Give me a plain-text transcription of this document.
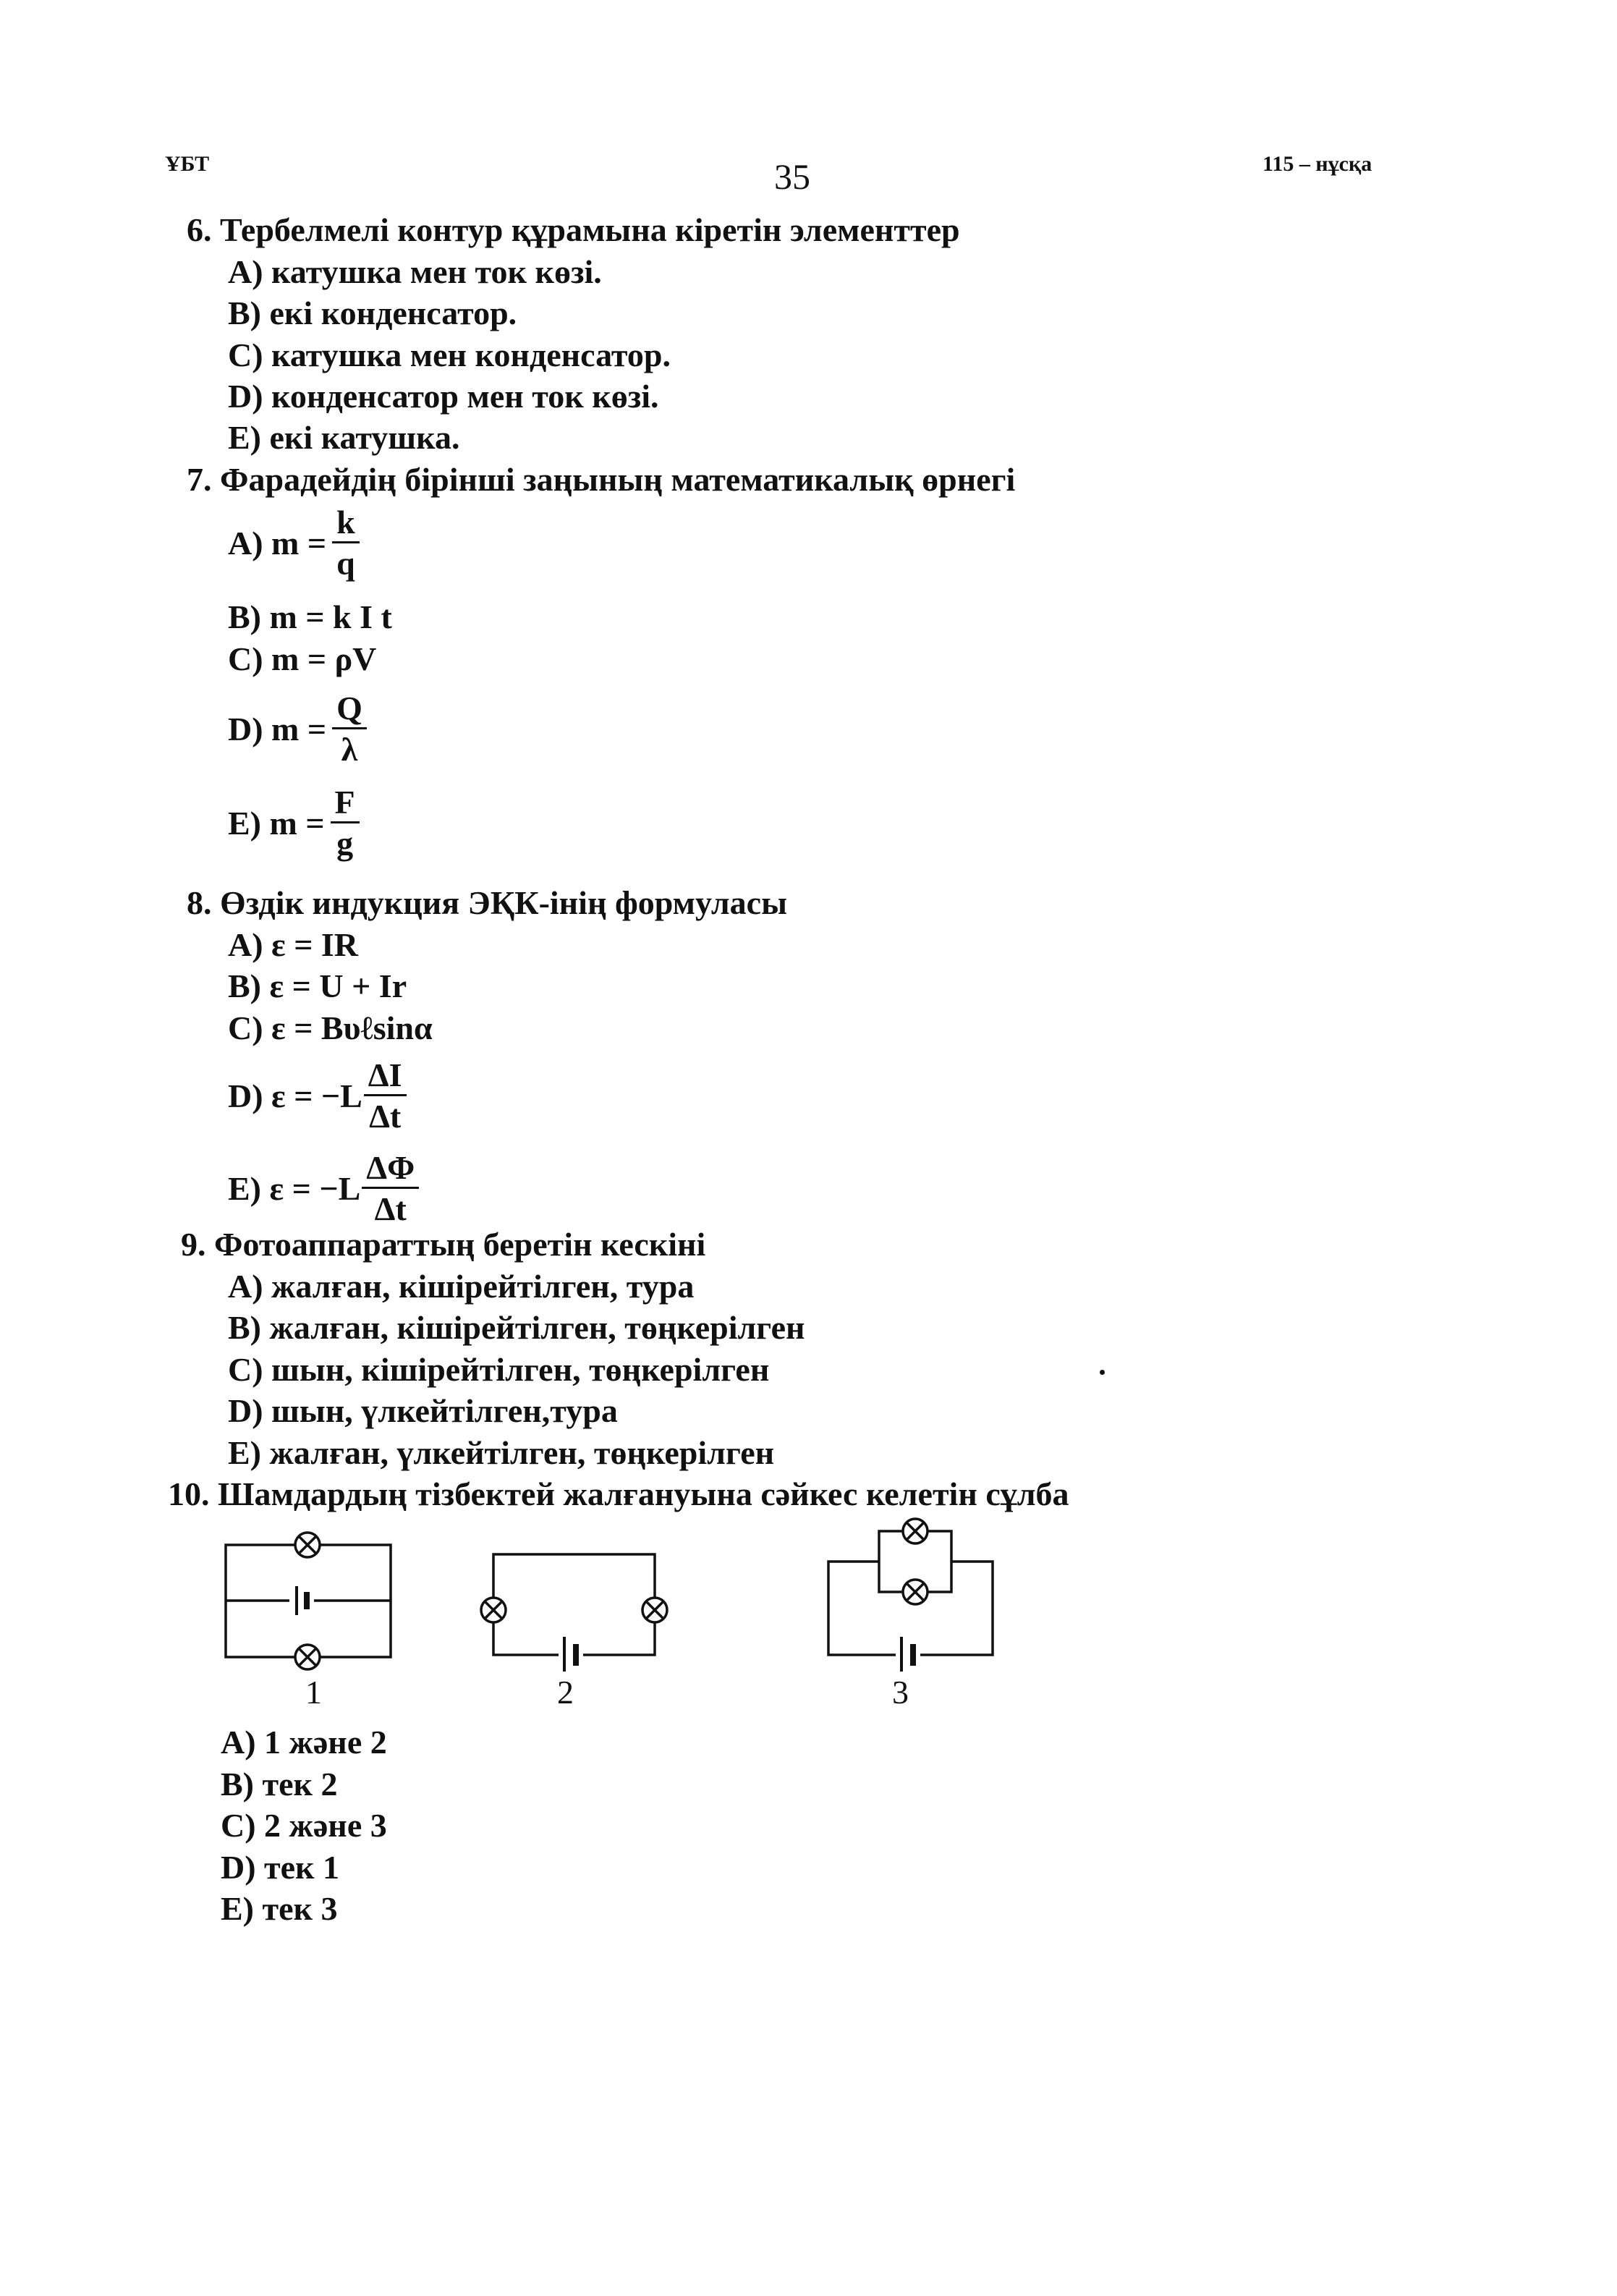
ҰБТ	35	115 – нұсқа
6. Тербелмелі контур құрамына кіретін элементтер
A) катушка мен ток көзі.
B) екі конденсатор.
C) катушка мен конденсатор.
D) конденсатор мен ток көзі.
E) екі катушка.
7. Фарадейдің бірінші заңының математикалық өрнегі
A) $m = \frac{k}{q}$
B) m = k I t
C) m = ρV
D) $m = \frac{Q}{\lambda}$
E) $m = \frac{F}{g}$
8. Өздік индукция ЭҚК-інің формуласы
A) ε = IR
B) ε = U + Ir
C) ε = Bυℓsinα
D) $\varepsilon = -L \frac{\Delta I}{\Delta t}$
E) $\varepsilon = -L \frac{\Delta\Phi}{\Delta t}$
9. Фотоаппараттың беретін кескіні
A) жалған, кішірейтілген, тура
B) жалған, кішірейтілген, төңкерілген
C) шын, кішірейтілген, төңкерілген
D) шын, үлкейтілген,тура
E) жалған, үлкейтілген, төңкерілген
10. Шамдардың тізбектей жалғануына сәйкес келетін сұлба
1	2	3
A) 1 және 2
B) тек 2
C) 2 және 3
D) тек 1
E) тек 3
